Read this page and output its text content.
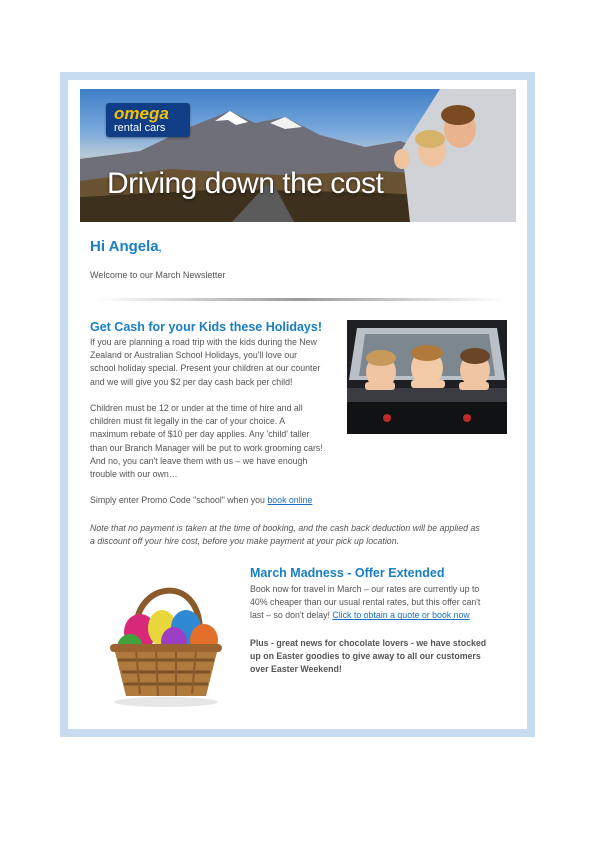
omega
rental cars
Driving down the cost
Hi Angela,
Welcome to our March Newsletter
Get Cash for your Kids these Holidays!
If you are planning a road trip with the kids during the New
Zealand or Australian School Holidays, you'll love our
school holiday special. Present your children at our counter
and we will give you $2 per day cash back per child!
Children must be 12 or under at the time of hire and all
children must fit legally in the car of your choice. A
maximum rebate of $10 per day applies. Any 'child' taller
than our Branch Manager will be put to work grooming cars!
And no, you can't leave them with us – we have enough
trouble with our own…
Simply enter Promo Code "school" when you book online
Note that no payment is taken at the time of booking, and the cash back deduction will be applied as
a discount off your hire cost, before you make payment at your pick up location.
March Madness - Offer Extended
Book now for travel in March – our rates are currently up to
40% cheaper than our usual rental rates, but this offer can't
last – so don't delay! Click to obtain a quote or book now
Plus - great news for chocolate lovers - we have stocked
up on Easter goodies to give away to all our customers
over Easter Weekend!
